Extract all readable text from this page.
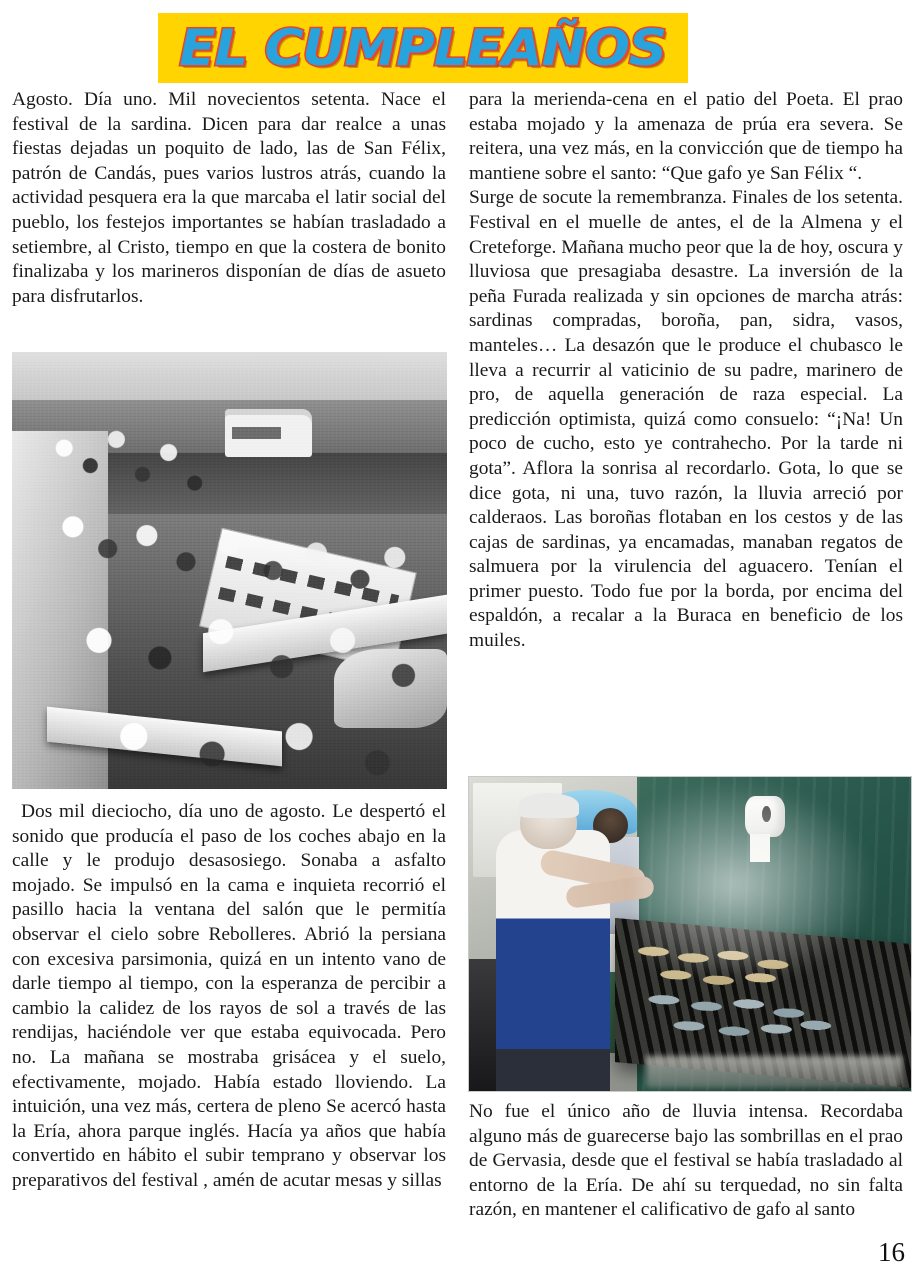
EL CUMPLEAÑOS

Agosto. Día uno. Mil novecientos setenta. Nace el festival de la sardina. Dicen para dar realce a unas fiestas dejadas un poquito de lado, las de San Félix, patrón de Candás, pues varios lustros atrás, cuando la actividad pesquera era la que marcaba el latir social del pueblo, los festejos importantes se habían trasladado a setiembre, al Cristo, tiempo en que la costera de bonito finalizaba y los marineros disponían de días de asueto para disfrutarlos.

Dos mil dieciocho, día uno de agosto. Le despertó el sonido que producía el paso de los coches abajo en la calle y le produjo desasosiego. Sonaba a asfalto mojado. Se impulsó en la cama e inquieta recorrió el pasillo hacia la ventana del salón que le permitía observar el cielo sobre Rebolleres. Abrió la persiana con excesiva parsimonia, quizá en un intento vano de darle tiempo al tiempo, con la esperanza de percibir a cambio la calidez de los rayos de sol a través de las rendijas, haciéndole ver que estaba equivocada. Pero no. La mañana se mostraba grisácea y el suelo, efectivamente, mojado. Había estado lloviendo. La intuición, una vez más, certera de pleno Se acercó hasta la Ería, ahora parque inglés. Hacía ya años que había convertido en hábito el subir temprano y observar los preparativos del festival , amén de acutar mesas y sillas

para la merienda-cena en el patio del Poeta. El prao estaba mojado y la amenaza de prúa era severa. Se reitera, una vez más, en la convicción que de tiempo ha mantiene sobre el santo: “Que gafo ye San Félix “.

Surge de socute la remembranza. Finales de los setenta. Festival en el muelle de antes, el de la Almena y el Creteforge. Mañana mucho peor que la de hoy, oscura y lluviosa que presagiaba desastre. La inversión de la peña Furada realizada y sin opciones de marcha atrás: sardinas compradas, boroña, pan, sidra, vasos, manteles… La desazón que le produce el chubasco le lleva a recurrir al vaticinio de su padre, marinero de pro, de aquella generación de raza especial. La predicción optimista, quizá como consuelo: “¡Na! Un poco de cucho, esto ye contrahecho. Por la tarde ni gota”. Aflora la sonrisa al recordarlo. Gota, lo que se dice gota, ni una, tuvo razón, la lluvia arreció por calderaos. Las boroñas flotaban en los cestos y de las cajas de sardinas, ya encamadas, manaban regatos de salmuera por la virulencia del aguacero. Tenían el primer puesto. Todo fue por la borda, por encima del espaldón, a recalar a la Buraca en beneficio de los muiles.

No fue el único año de lluvia intensa. Recordaba alguno más de guarecerse bajo las sombrillas en el prao de Gervasia, desde que el festival se había trasladado al entorno de la Ería. De ahí su terquedad, no sin falta razón, en mantener el calificativo de gafo al santo

16
